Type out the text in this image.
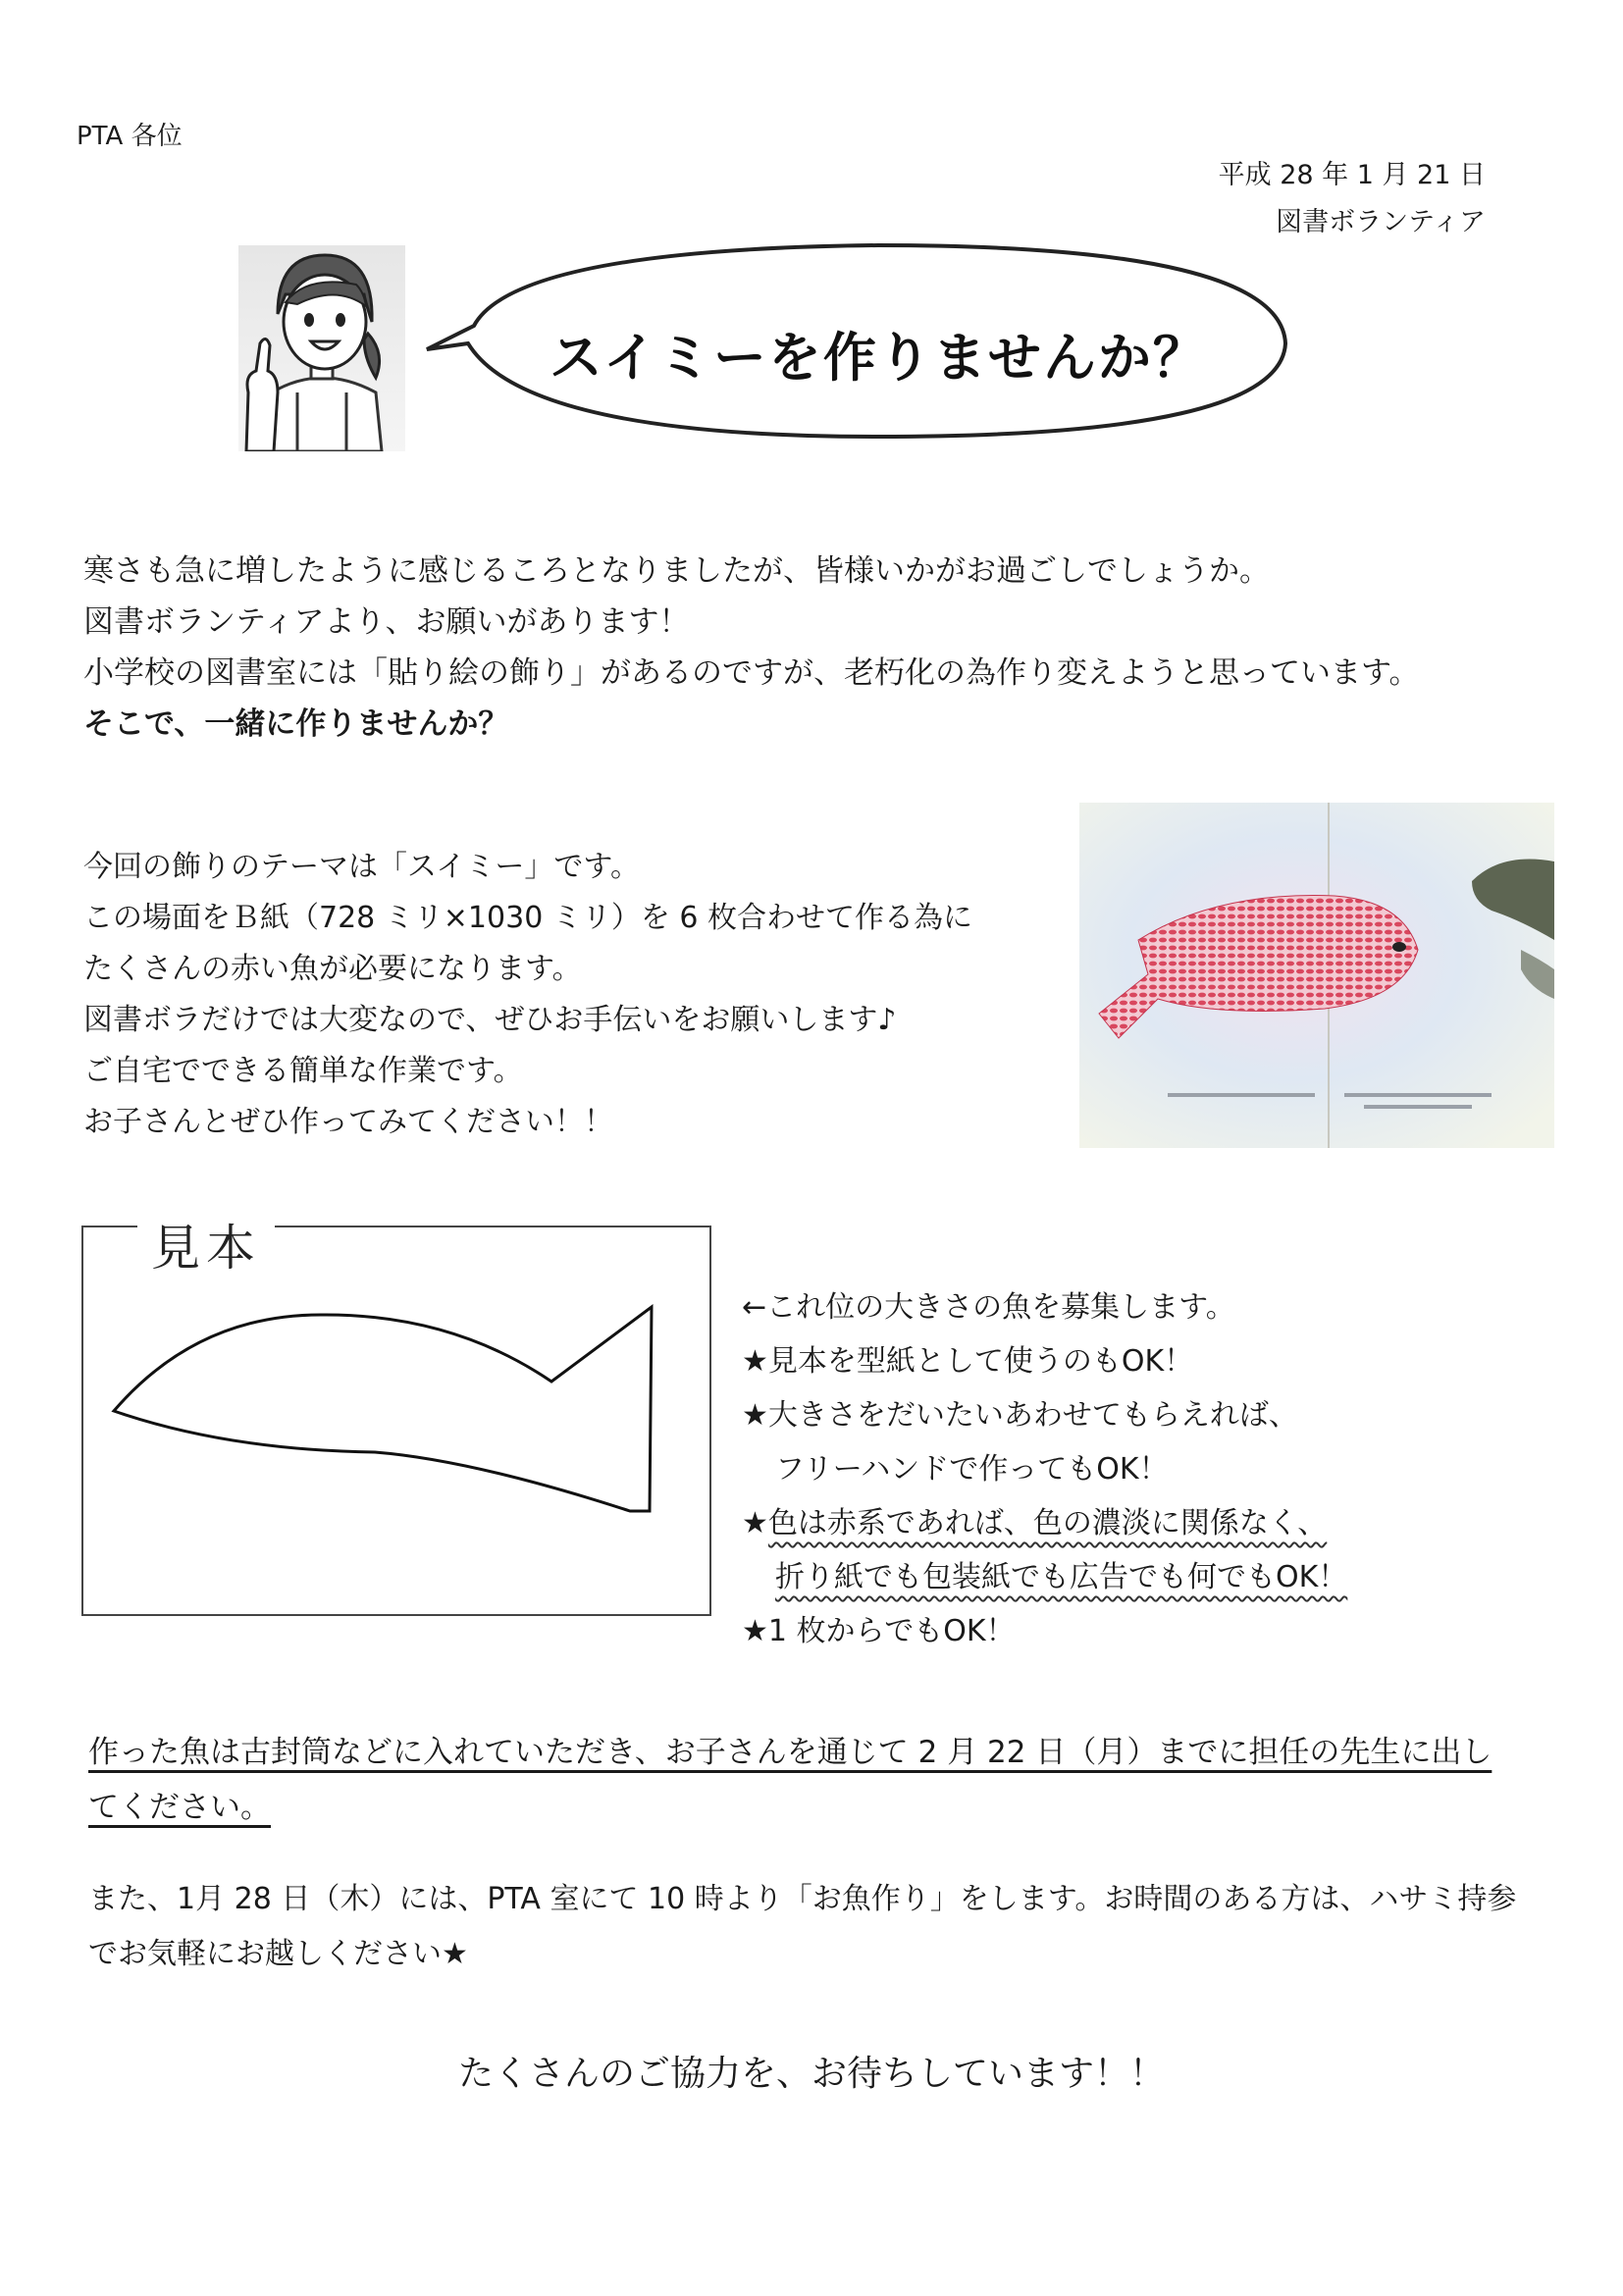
PTA 各位
平成 28 年 1 月 21 日
図書ボランティア
スイミーを作りませんか？
寒さも急に増したように感じるころとなりましたが、皆様いかがお過ごしでしょうか。
図書ボランティアより、お願いがあります！
小学校の図書室には「貼り絵の飾り」があるのですが、老朽化の為作り変えようと思っています。
そこで、一緒に作りませんか？
今回の飾りのテーマは「スイミー」です。
この場面をＢ紙（728 ミリ×1030 ミリ）を 6 枚合わせて作る為に
たくさんの赤い魚が必要になります。
図書ボラだけでは大変なので、ぜひお手伝いをお願いします♪
ご自宅でできる簡単な作業です。
お子さんとぜひ作ってみてください！！
見本
←これ位の大きさの魚を募集します。
★見本を型紙として使うのもOK！
★大きさをだいたいあわせてもらえれば、
フリーハンドで作ってもOK！
★色は赤系であれば、色の濃淡に関係なく、
折り紙でも包装紙でも広告でも何でもOK！
★1 枚からでもOK！
作った魚は古封筒などに入れていただき、お子さんを通じて 2 月 22 日（月）までに担任の先生に出してください。
また、1月 28 日（木）には、PTA 室にて 10 時より「お魚作り」をします。お時間のある方は、ハサミ持参でお気軽にお越しください★
たくさんのご協力を、お待ちしています！！
